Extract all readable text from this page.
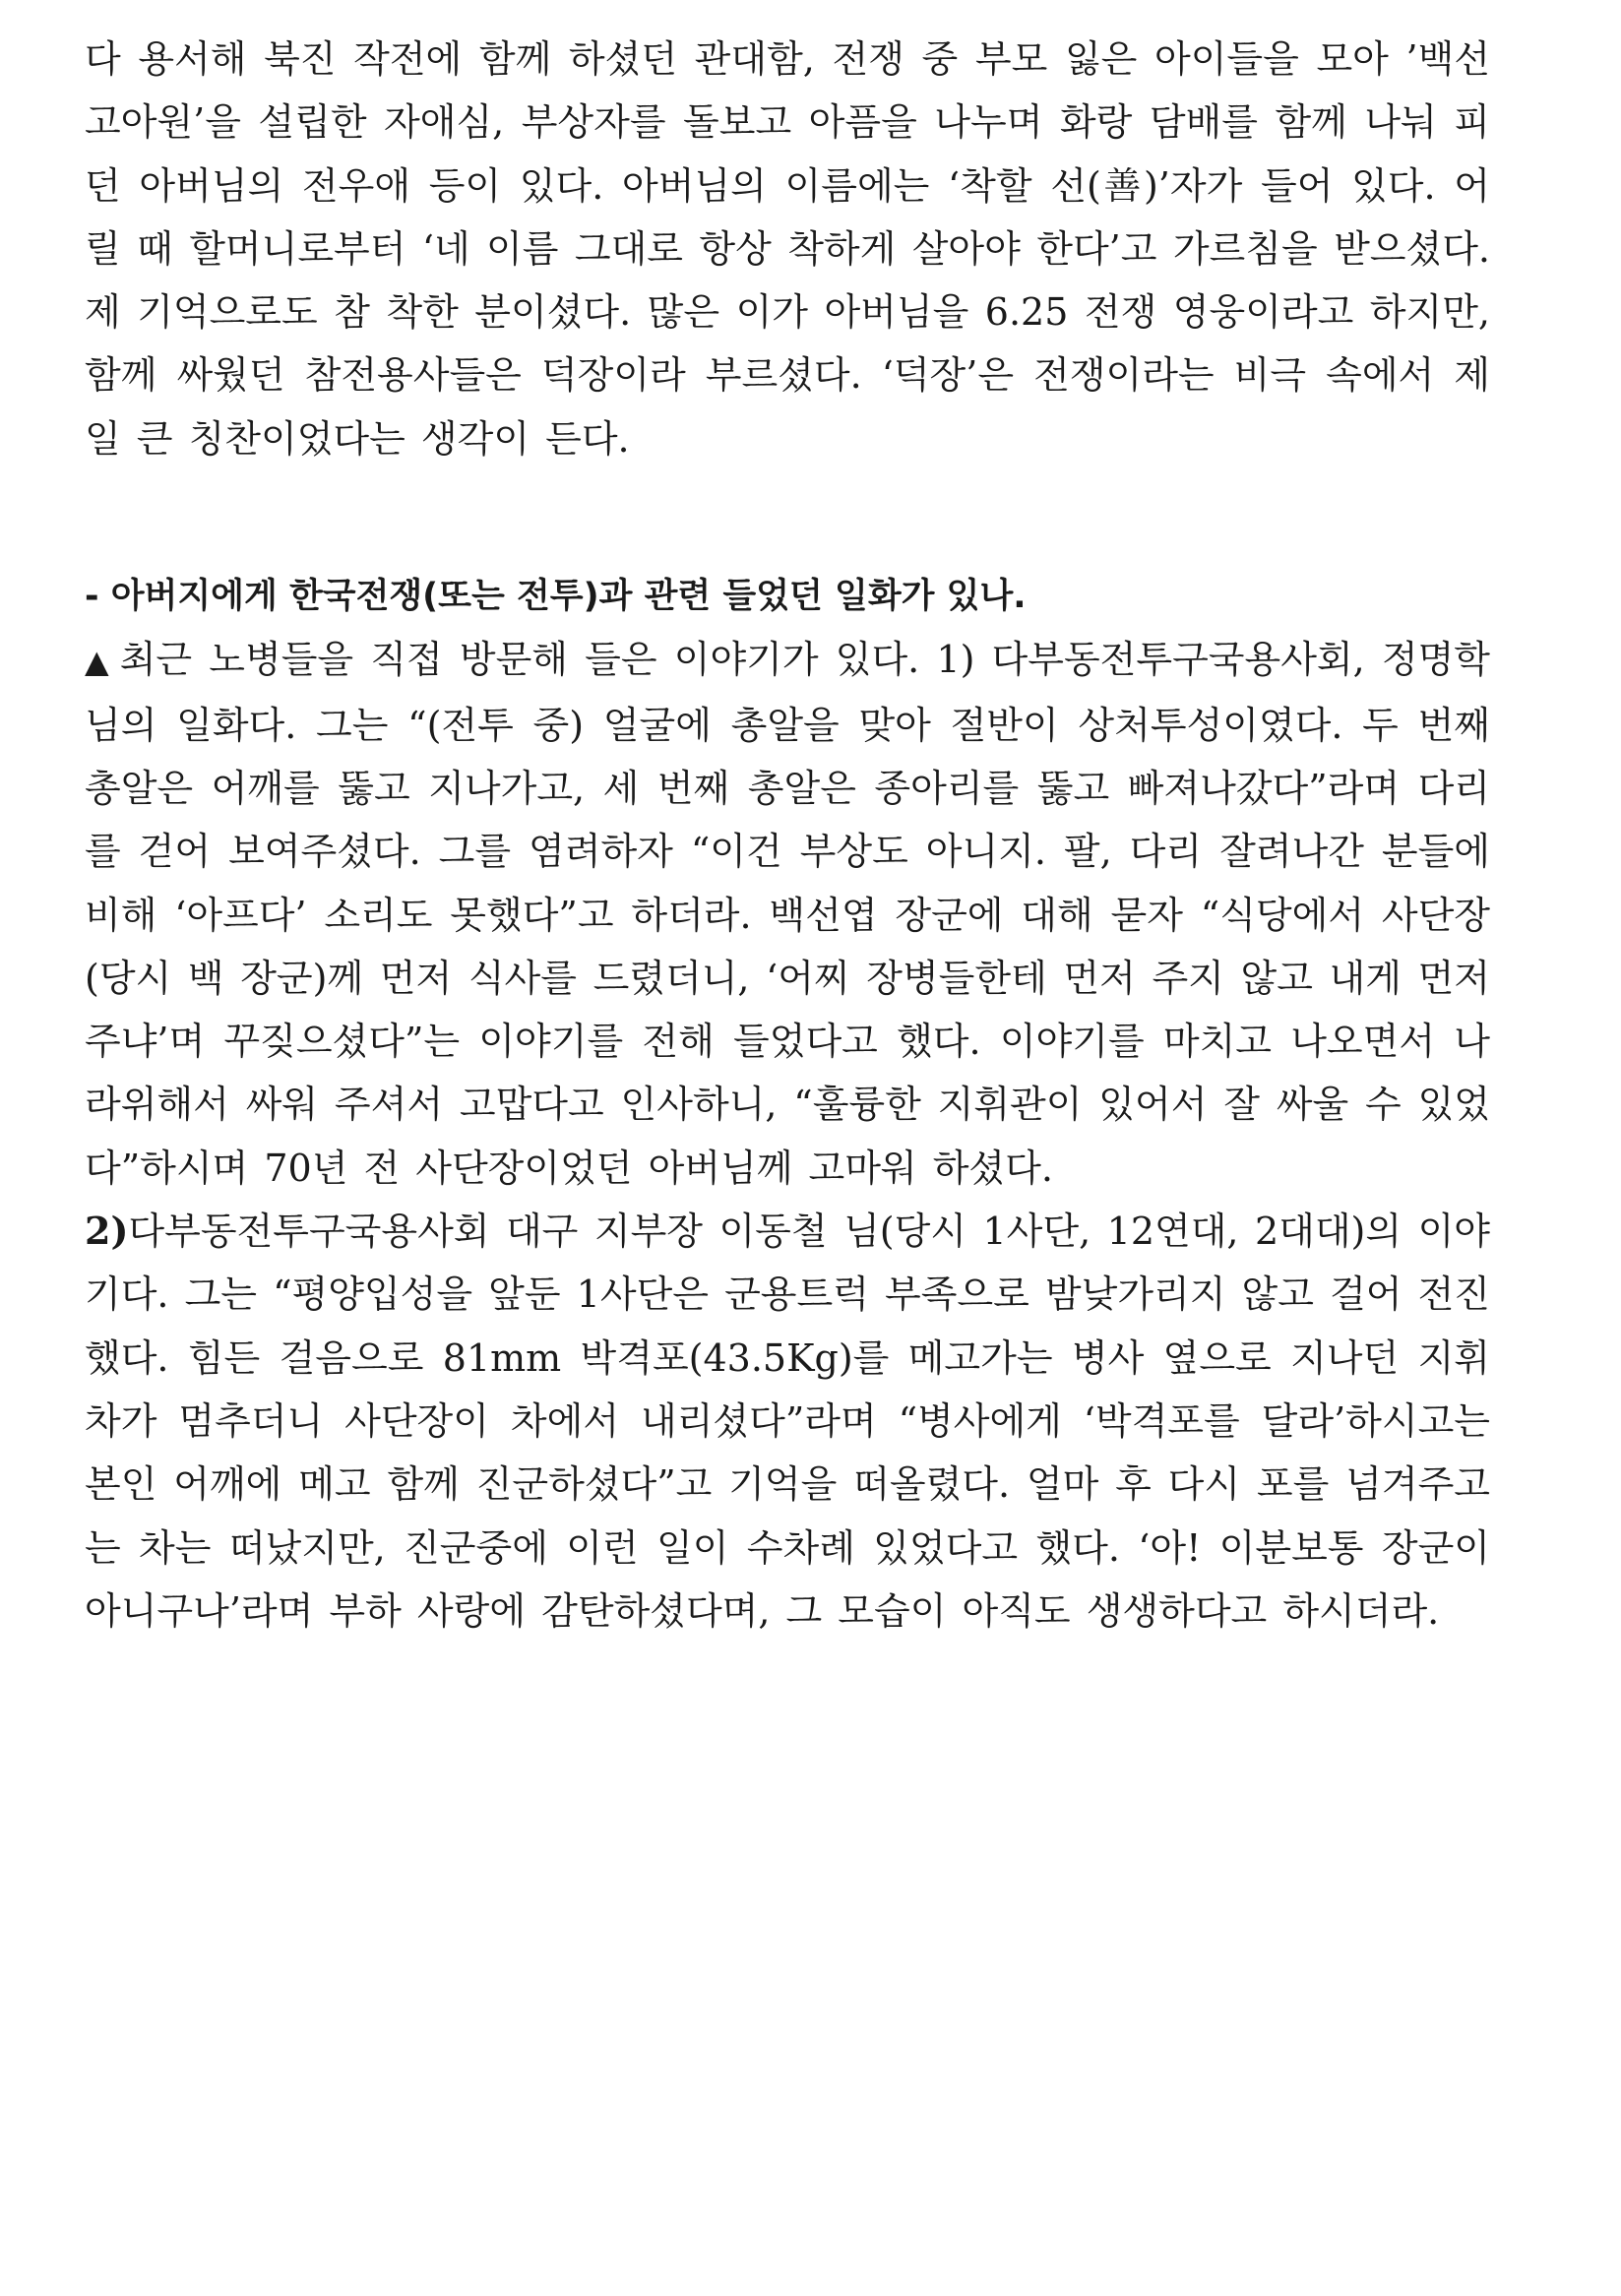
다 용서해 북진 작전에 함께 하셨던 관대함, 전쟁 중 부모 잃은 아이들을 모아 ’백선 고아원’을 설립한 자애심, 부상자를 돌보고 아픔을 나누며 화랑 담배를 함께 나눠 피던 아버님의 전우애 등이 있다. 아버님의 이름에는 ‘착할 선(善)’자가 들어 있다. 어릴 때 할머니로부터 ‘네 이름 그대로 항상 착하게 살아야 한다’고 가르침을 받으셨다. 제 기억으로도 참 착한 분이셨다. 많은 이가 아버님을 6.25 전쟁 영웅이라고 하지만, 함께 싸웠던 참전용사들은 덕장이라 부르셨다. ‘덕장’은 전쟁이라는 비극 속에서 제일 큰 칭찬이었다는 생각이 든다.

- 아버지에게 한국전쟁(또는 전투)과 관련 들었던 일화가 있나.

▲ 최근 노병들을 직접 방문해 들은 이야기가 있다. 1) 다부동전투구국용사회, 정명학 님의 일화다. 그는 “(전투 중) 얼굴에 총알을 맞아 절반이 상처투성이였다. 두 번째 총알은 어깨를 뚫고 지나가고, 세 번째 총알은 종아리를 뚫고 빠져나갔다”라며 다리를 걷어 보여주셨다. 그를 염려하자 “이건 부상도 아니지. 팔, 다리 잘려나간 분들에 비해 ‘아프다’ 소리도 못했다”고 하더라. 백선엽 장군에 대해 묻자 “식당에서 사단장(당시 백 장군)께 먼저 식사를 드렸더니, ‘어찌 장병들한테 먼저 주지 않고 내게 먼저 주냐’며 꾸짖으셨다”는 이야기를 전해 들었다고 했다. 이야기를 마치고 나오면서 나라위해서 싸워 주셔서 고맙다고 인사하니, “훌륭한 지휘관이 있어서 잘 싸울 수 있었다”하시며 70년 전 사단장이었던 아버님께 고마워 하셨다.

2)다부동전투구국용사회 대구 지부장 이동철 님(당시 1사단, 12연대, 2대대)의 이야기다. 그는 “평양입성을 앞둔 1사단은 군용트럭 부족으로 밤낮가리지 않고 걸어 전진했다. 힘든 걸음으로 81mm 박격포(43.5Kg)를 메고가는 병사 옆으로 지나던 지휘차가 멈추더니 사단장이 차에서 내리셨다”라며 “병사에게 ‘박격포를 달라’하시고는 본인 어깨에 메고 함께 진군하셨다”고 기억을 떠올렸다. 얼마 후 다시 포를 넘겨주고는 차는 떠났지만, 진군중에 이런 일이 수차례 있었다고 했다. ‘아! 이분보통 장군이 아니구나’라며 부하 사랑에 감탄하셨다며, 그 모습이 아직도 생생하다고 하시더라.
